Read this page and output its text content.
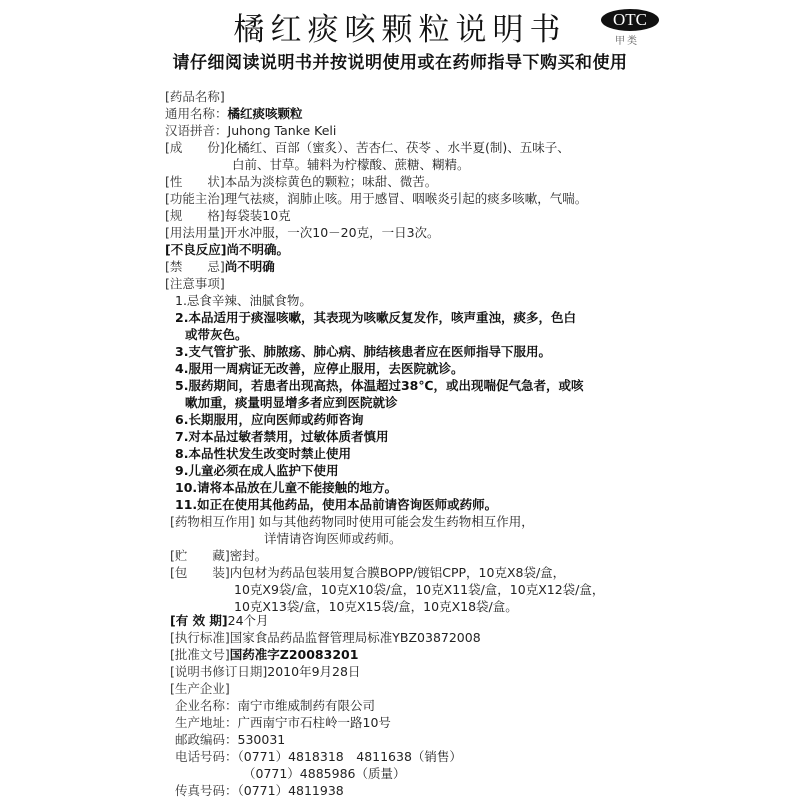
橘红痰咳颗粒说明书	OTC
甲类
请仔细阅读说明书并按说明使用或在药师指导下购买和使用
[药品名称]
通用名称：橘红痰咳颗粒
汉语拼音：Juhong Tanke Keli
[成　　份]化橘红、百部（蜜炙）、苦杏仁、茯苓 、水半夏(制)、五味子、
白前、甘草。辅料为柠檬酸、蔗糖、糊精。
[性　　状]本品为淡棕黄色的颗粒；味甜、微苦。
[功能主治]理气祛痰，润肺止咳。用于感冒、咽喉炎引起的痰多咳嗽，气喘。
[规　　格]每袋装10克
[用法用量]开水冲服，一次10－20克，一日3次。
[不良反应]尚不明确。
[禁　　忌]尚不明确
[注意事项]
1.忌食辛辣、油腻食物。
2.本品适用于痰湿咳嗽，其表现为咳嗽反复发作，咳声重浊，痰多，色白
或带灰色。
3.支气管扩张、肺脓疡、肺心病、肺结核患者应在医师指导下服用。
4.服用一周病证无改善，应停止服用，去医院就诊。
5.服药期间，若患者出现高热，体温超过38℃，或出现喘促气急者，或咳
嗽加重，痰量明显增多者应到医院就诊
6.长期服用，应向医师或药师咨询
7.对本品过敏者禁用，过敏体质者慎用
8.本品性状发生改变时禁止使用
9.儿童必须在成人监护下使用
10.请将本品放在儿童不能接触的地方。
11.如正在使用其他药品，使用本品前请咨询医师或药师。
[药物相互作用] 如与其他药物同时使用可能会发生药物相互作用，
详情请咨询医师或药师。
[贮　　藏]密封。
[包　　装]内包材为药品包装用复合膜BOPP/镀铝CPP，10克X8袋/盒，
10克X9袋/盒，10克X10袋/盒，10克X11袋/盒，10克X12袋/盒，
10克X13袋/盒，10克X15袋/盒，10克X18袋/盒。
[有 效 期]24个月
[执行标准]国家食品药品监督管理局标准YBZ03872008
[批准文号]国药准字Z20083201
[说明书修订日期]2010年9月28日
[生产企业]
企业名称：南宁市维威制药有限公司
生产地址：广西南宁市石柱岭一路10号
邮政编码：530031
电话号码：（0771）4818318　4811638（销售）
（0771）4885986（质量）
传真号码：（0771）4811938
